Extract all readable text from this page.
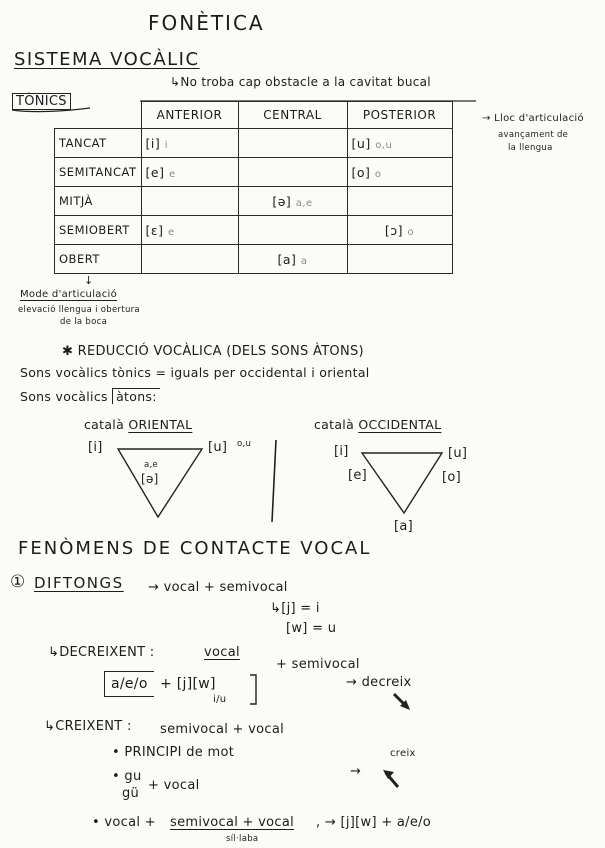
FONÈTICA
SISTEMA VOCÀLIC
↳No troba cap obstacle a la cavitat bucal
TÒNICS
	ANTERIOR	CENTRAL	POSTERIOR
TANCAT	[i] i		[u] o,u
SEMITANCAT	[e] e		[o] o
MITJÀ		[ə] a,e	
SEMIOBERT	[ɛ] e		[ɔ] o
OBERT		[a] a	
→ Lloc d'articulació
avançament de
la llengua
↓
Mode d'articulació
elevació llengua i obertura
de la boca
✱ REDUCCIÓ VOCÀLICA (DELS SONS ÀTONS)
Sons vocàlics tònics = iguals per occidental i oriental
Sons vocàlics àtons:
català ORIENTAL
[i]	[u] o,u
a,e
[ə]
català OCCIDENTAL
[i]	[u]
[e]	[o]
[a]
FENÒMENS DE CONTACTE VOCAL
① DIFTONGS → vocal + semivocal
↳[j] = i
[w] = u
↳DECREIXENT :	vocal
+ semivocal
a/e/o + [j][w]
i/u
→ decreix
↳CREIXENT : semivocal + vocal
• PRINCIPI de mot	creix
• gu
gü
+ vocal
→
• vocal + semivocal + vocal , → [j][w] + a/e/o
síl·laba
